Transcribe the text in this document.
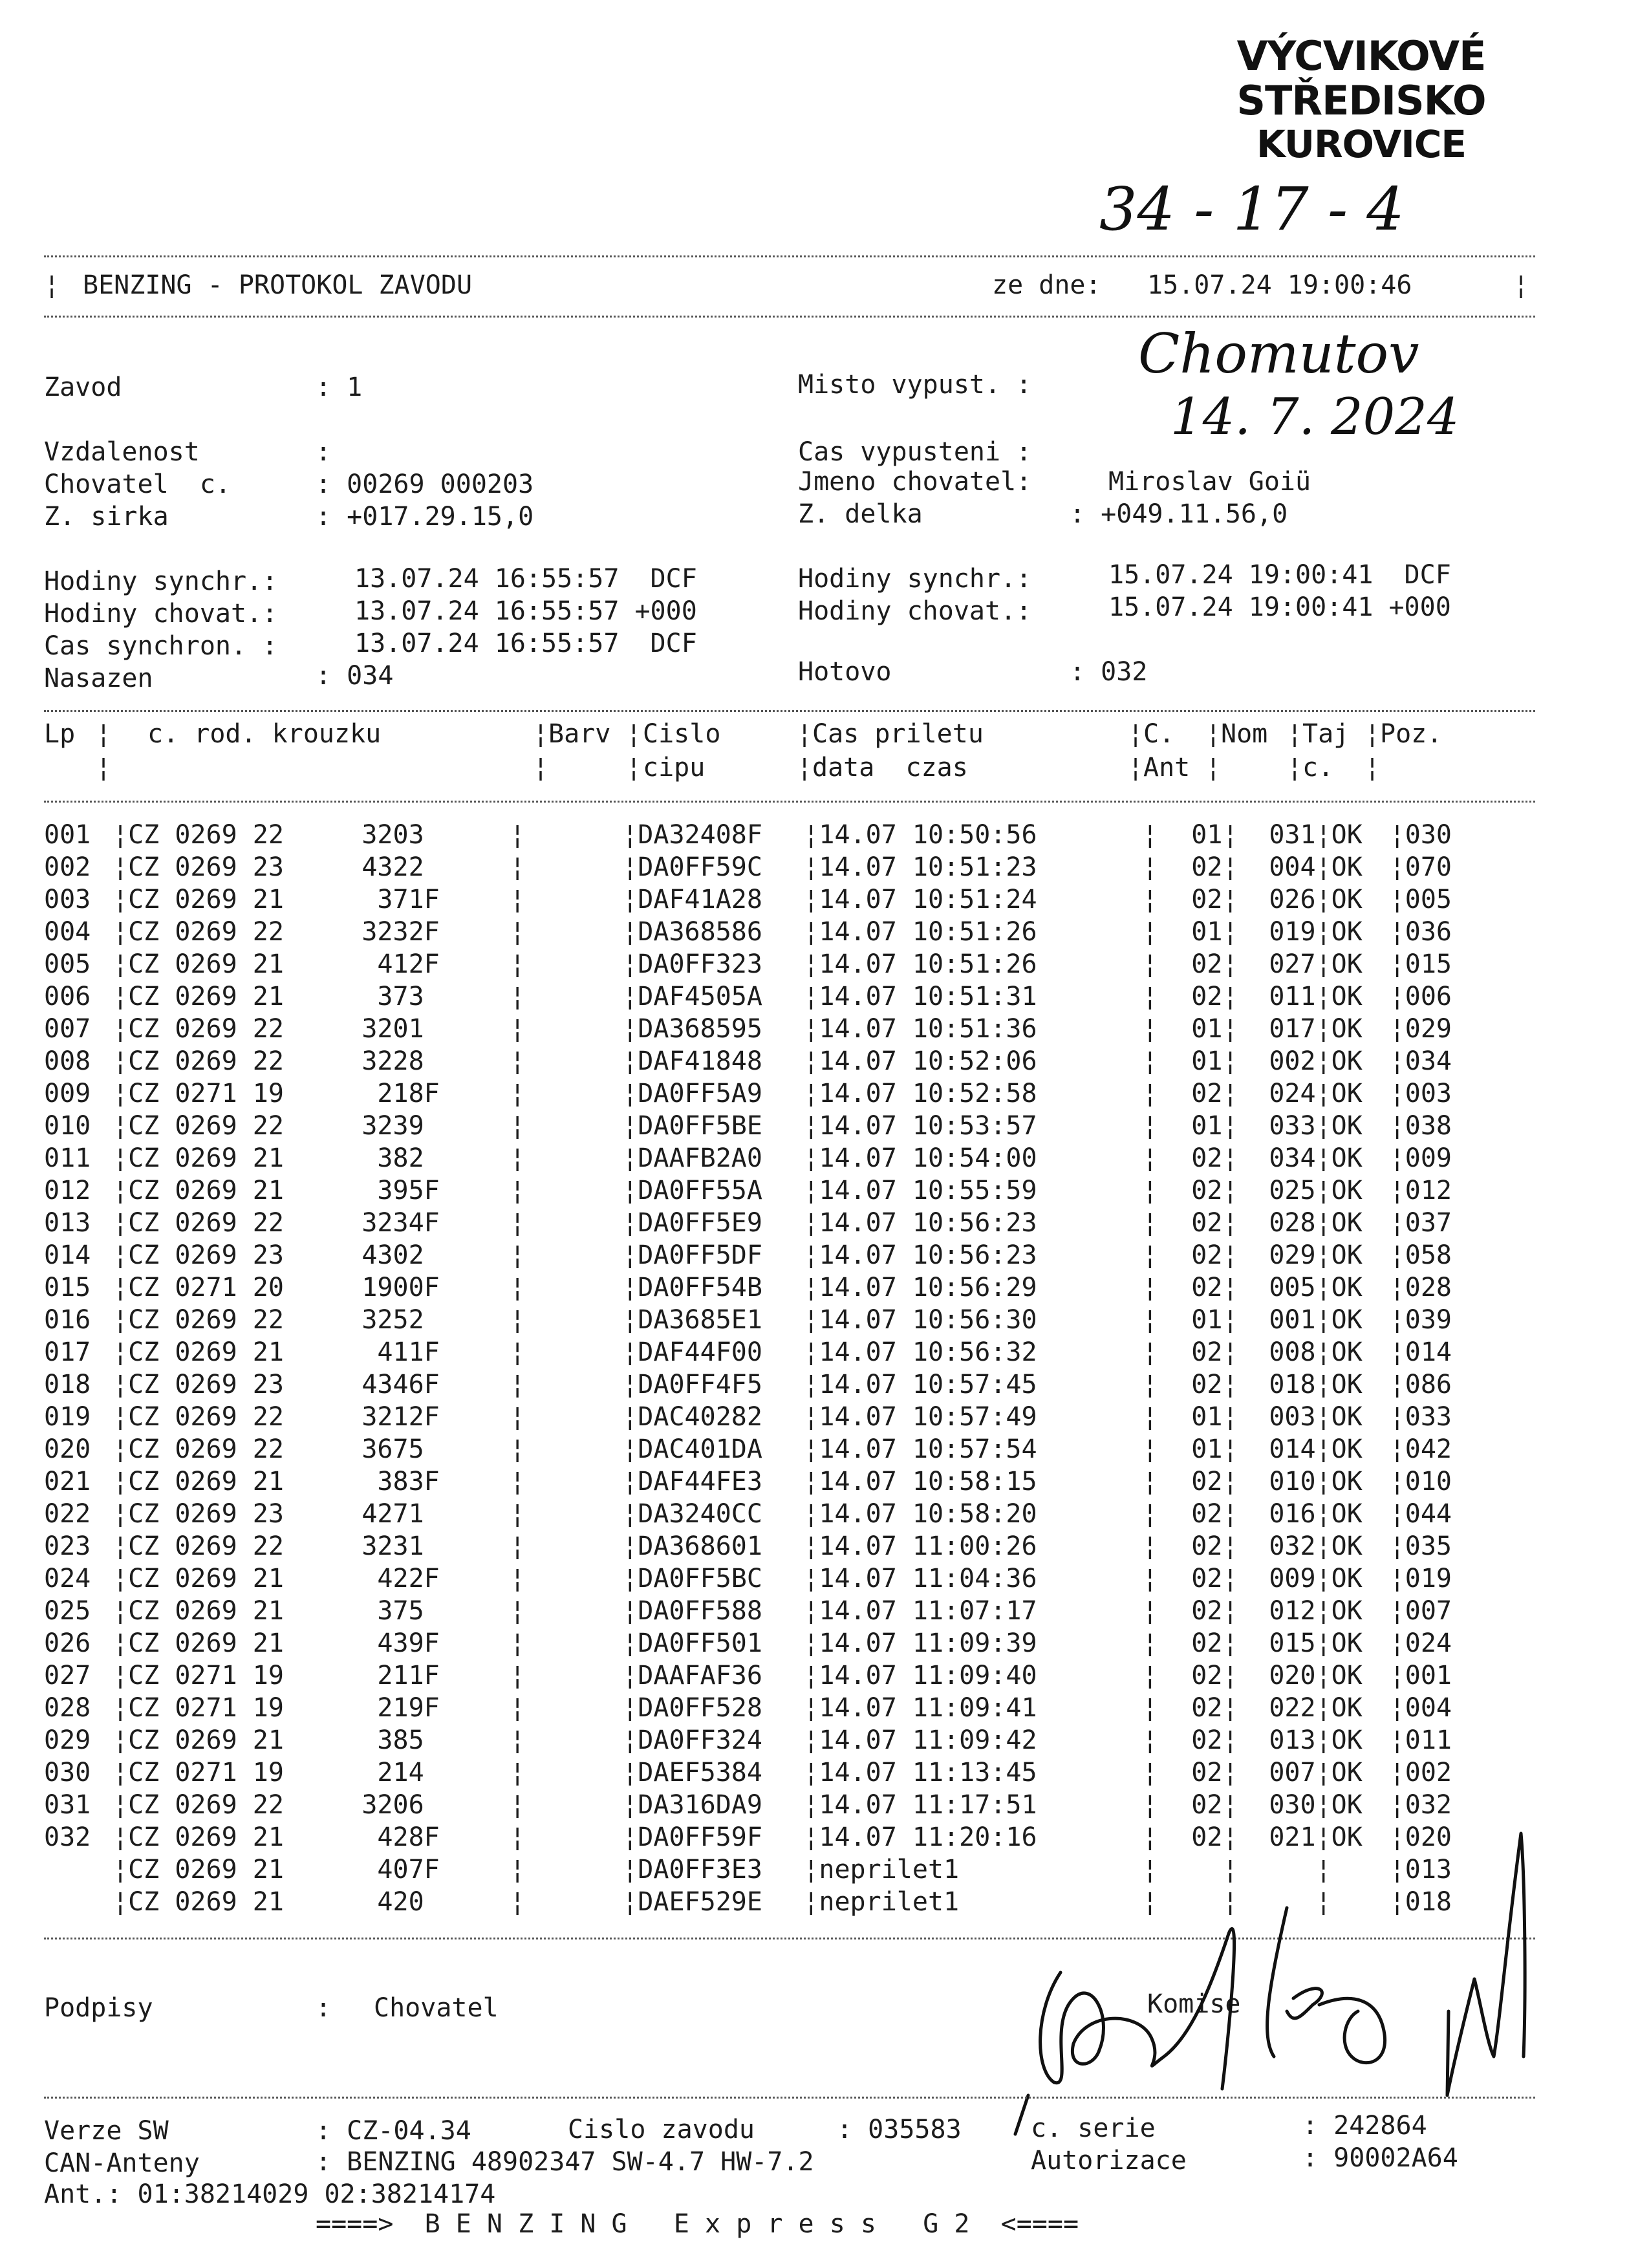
VÝCVIKOVÉ STŘEDISKO
KUROVICE
34 - 17 - 4
¦ BENZING - PROTOKOL ZAVODU	ze dne: 15.07.24 19:00:46	¦
Chomutov
14. 7. 2024
Zavod	: 1	Misto vypust. :
Vzdalenost	:	Cas vypusteni :
Chovatel  c.	: 00269 000203	Jmeno chovatel:	Miroslav Goiü
Z. sirka	: +017.29.15,0	Z. delka	: +049.11.56,0
Hodiny synchr.:	13.07.24 16:55:57  DCF	Hodiny synchr.:	15.07.24 19:00:41  DCF
Hodiny chovat.:	13.07.24 16:55:57 +000	Hodiny chovat.:	15.07.24 19:00:41 +000
Cas synchron. :	13.07.24 16:55:57  DCF
Nasazen	: 034	Hotovo	: 032
Lp ¦ c. rod. krouzku	¦ Barv ¦ Cislo	¦ Cas priletu	¦ C. ¦ Nom ¦ Taj ¦ Poz.
¦	¦	¦ cipu	¦ data  czas	¦ Ant ¦	¦ c. ¦
001	¦	CZ 0269 22     3203	¦		¦	DA32408F	¦	14.07 10:50:56	¦	01	¦	031	¦	OK	¦	030
002	¦	CZ 0269 23     4322	¦		¦	DA0FF59C	¦	14.07 10:51:23	¦	02	¦	004	¦	OK	¦	070
003	¦	CZ 0269 21      371F	¦		¦	DAF41A28	¦	14.07 10:51:24	¦	02	¦	026	¦	OK	¦	005
004	¦	CZ 0269 22     3232F	¦		¦	DA368586	¦	14.07 10:51:26	¦	01	¦	019	¦	OK	¦	036
005	¦	CZ 0269 21      412F	¦		¦	DA0FF323	¦	14.07 10:51:26	¦	02	¦	027	¦	OK	¦	015
006	¦	CZ 0269 21      373	¦		¦	DAF4505A	¦	14.07 10:51:31	¦	02	¦	011	¦	OK	¦	006
007	¦	CZ 0269 22     3201	¦		¦	DA368595	¦	14.07 10:51:36	¦	01	¦	017	¦	OK	¦	029
008	¦	CZ 0269 22     3228	¦		¦	DAF41848	¦	14.07 10:52:06	¦	01	¦	002	¦	OK	¦	034
009	¦	CZ 0271 19      218F	¦		¦	DA0FF5A9	¦	14.07 10:52:58	¦	02	¦	024	¦	OK	¦	003
010	¦	CZ 0269 22     3239	¦		¦	DA0FF5BE	¦	14.07 10:53:57	¦	01	¦	033	¦	OK	¦	038
011	¦	CZ 0269 21      382	¦		¦	DAAFB2A0	¦	14.07 10:54:00	¦	02	¦	034	¦	OK	¦	009
012	¦	CZ 0269 21      395F	¦		¦	DA0FF55A	¦	14.07 10:55:59	¦	02	¦	025	¦	OK	¦	012
013	¦	CZ 0269 22     3234F	¦		¦	DA0FF5E9	¦	14.07 10:56:23	¦	02	¦	028	¦	OK	¦	037
014	¦	CZ 0269 23     4302	¦		¦	DA0FF5DF	¦	14.07 10:56:23	¦	02	¦	029	¦	OK	¦	058
015	¦	CZ 0271 20     1900F	¦		¦	DA0FF54B	¦	14.07 10:56:29	¦	02	¦	005	¦	OK	¦	028
016	¦	CZ 0269 22     3252	¦		¦	DA3685E1	¦	14.07 10:56:30	¦	01	¦	001	¦	OK	¦	039
017	¦	CZ 0269 21      411F	¦		¦	DAF44F00	¦	14.07 10:56:32	¦	02	¦	008	¦	OK	¦	014
018	¦	CZ 0269 23     4346F	¦		¦	DA0FF4F5	¦	14.07 10:57:45	¦	02	¦	018	¦	OK	¦	086
019	¦	CZ 0269 22     3212F	¦		¦	DAC40282	¦	14.07 10:57:49	¦	01	¦	003	¦	OK	¦	033
020	¦	CZ 0269 22     3675	¦		¦	DAC401DA	¦	14.07 10:57:54	¦	01	¦	014	¦	OK	¦	042
021	¦	CZ 0269 21      383F	¦		¦	DAF44FE3	¦	14.07 10:58:15	¦	02	¦	010	¦	OK	¦	010
022	¦	CZ 0269 23     4271	¦		¦	DA3240CC	¦	14.07 10:58:20	¦	02	¦	016	¦	OK	¦	044
023	¦	CZ 0269 22     3231	¦		¦	DA368601	¦	14.07 11:00:26	¦	02	¦	032	¦	OK	¦	035
024	¦	CZ 0269 21      422F	¦		¦	DA0FF5BC	¦	14.07 11:04:36	¦	02	¦	009	¦	OK	¦	019
025	¦	CZ 0269 21      375	¦		¦	DA0FF588	¦	14.07 11:07:17	¦	02	¦	012	¦	OK	¦	007
026	¦	CZ 0269 21      439F	¦		¦	DA0FF501	¦	14.07 11:09:39	¦	02	¦	015	¦	OK	¦	024
027	¦	CZ 0271 19      211F	¦		¦	DAAFAF36	¦	14.07 11:09:40	¦	02	¦	020	¦	OK	¦	001
028	¦	CZ 0271 19      219F	¦		¦	DA0FF528	¦	14.07 11:09:41	¦	02	¦	022	¦	OK	¦	004
029	¦	CZ 0269 21      385	¦		¦	DA0FF324	¦	14.07 11:09:42	¦	02	¦	013	¦	OK	¦	011
030	¦	CZ 0271 19      214	¦		¦	DAEF5384	¦	14.07 11:13:45	¦	02	¦	007	¦	OK	¦	002
031	¦	CZ 0269 22     3206	¦		¦	DA316DA9	¦	14.07 11:17:51	¦	02	¦	030	¦	OK	¦	032
032	¦	CZ 0269 21      428F	¦		¦	DA0FF59F	¦	14.07 11:20:16	¦	02	¦	021	¦	OK	¦	020
	¦	CZ 0269 21      407F	¦		¦	DA0FF3E3	¦	neprilet1	¦		¦		¦		¦	013
	¦	CZ 0269 21      420	¦		¦	DAEF529E	¦	neprilet1	¦		¦		¦		¦	018
Podpisy	: Chovatel	Komise
Verze SW	: CZ-04.34	Cislo zavodu	: 035583	c. serie	: 242864
CAN-Anteny	: BENZING 48902347 SW-4.7 HW-7.2	Autorizace	: 90002A64
Ant.: 01:38214029 02:38214174
====>  B E N Z I N G   E x p r e s s   G 2  <====
